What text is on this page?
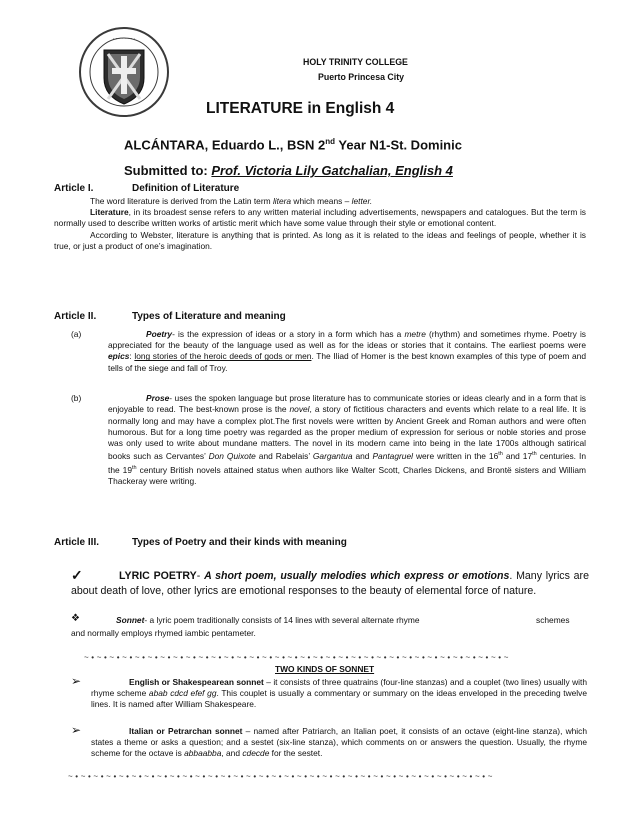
· · · · · · · ·
HOLY TRINITY COLLEGE
Puerto Princesa City
LITERATURE in English 4
ALCÁNTARA, Eduardo L., BSN 2nd Year N1-St. Dominic
Submitted to: Prof. Victoria Lily Gatchalian, English 4
Article I.	Definition of Literature
The word literature is derived from the Latin term litera which means – letter.
Literature, in its broadest sense refers to any written material including advertisements, newspapers and catalogues. But the term is normally used to describe written works of artistic merit which have some value through their style or emotional content.
According to Webster, literature is anything that is printed. As long as it is related to the ideas and feelings of people, whether it is true, or just a product of one’s imagination.
Article II.	Types of Literature and meaning
(a)	Poetry- is the expression of ideas or a story in a form which has a metre (rhythm) and sometimes rhyme. Poetry is appreciated for the beauty of the language used as well as for the ideas or stories that it contains. The earliest poems were epics: long stories of the heroic deeds of gods or men. The Iliad of Homer is the best known examples of this type of poem and tells of the siege and fall of Troy.
(b)	Prose- uses the spoken language but prose literature has to communicate stories or ideas clearly and in a form that is enjoyable to read. The best-known prose is the novel, a story of fictitious characters and events which relate to a real life. It is normally long and may have a complex plot.The first novels were written by Ancient Greek and Roman authors and were often humorous. But for a long time poetry was regarded as the proper medium of expression for serious or noble stories and prose was only used to write about mundane matters. The novel in its modern came into being in the late 1700s although satirical books such as Cervantes’ Don Quixote and Rabelais’ Gargantua and Pantagruel were written in the 16th and 17th centuries. In the 19th century British novels attained status when authors like Walter Scott, Charles Dickens, and Brontë sisters and William Thackeray were writing.
Article III.	Types of Poetry and their kinds with meaning
✓	LYRIC POETRY- A short poem, usually melodies which express or emotions. Many lyrics are about death of love, other lyrics are emotional responses to the beauty of elemental force of nature.
❖	Sonnet- a lyric poem traditionally consists of 14 lines with several alternate rhyme	schemes
and normally employs rhymed iambic pentameter.
~ • ~ • ~ • ~ • ~ • ~ • ~ • ~ • ~ • ~ • ~ • ~ • ~ • ~ • ~ • ~ • ~ • ~ • ~ • ~ • ~ • ~ • ~ • ~ • ~ • ~ • ~ • ~ • ~ • ~ • ~ • ~ • ~ • ~
TWO KINDS OF SONNET
➢	English or Shakespearean sonnet – it consists of three quatrains (four-line stanzas) and a couplet (two lines) usually with rhyme scheme abab cdcd efef gg. This couplet is usually a commentary or summary on the ideas enveloped in the preceding twelve lines. It is named after William Shakespeare.
➢	Italian or Petrarchan sonnet – named after Patriarch, an Italian poet, it consists of an octave (eight-line stanza), which states a theme or asks a question; and a sestet (six-line stanza), which comments on or answers the question. Usually, the rhyme scheme for the octave is abbaabba, and cdecde for the sestet.
~ • ~ • ~ • ~ • ~ • ~ • ~ • ~ • ~ • ~ • ~ • ~ • ~ • ~ • ~ • ~ • ~ • ~ • ~ • ~ • ~ • ~ • ~ • ~ • ~ • ~ • ~ • ~ • ~ • ~ • ~ • ~ • ~ • ~
